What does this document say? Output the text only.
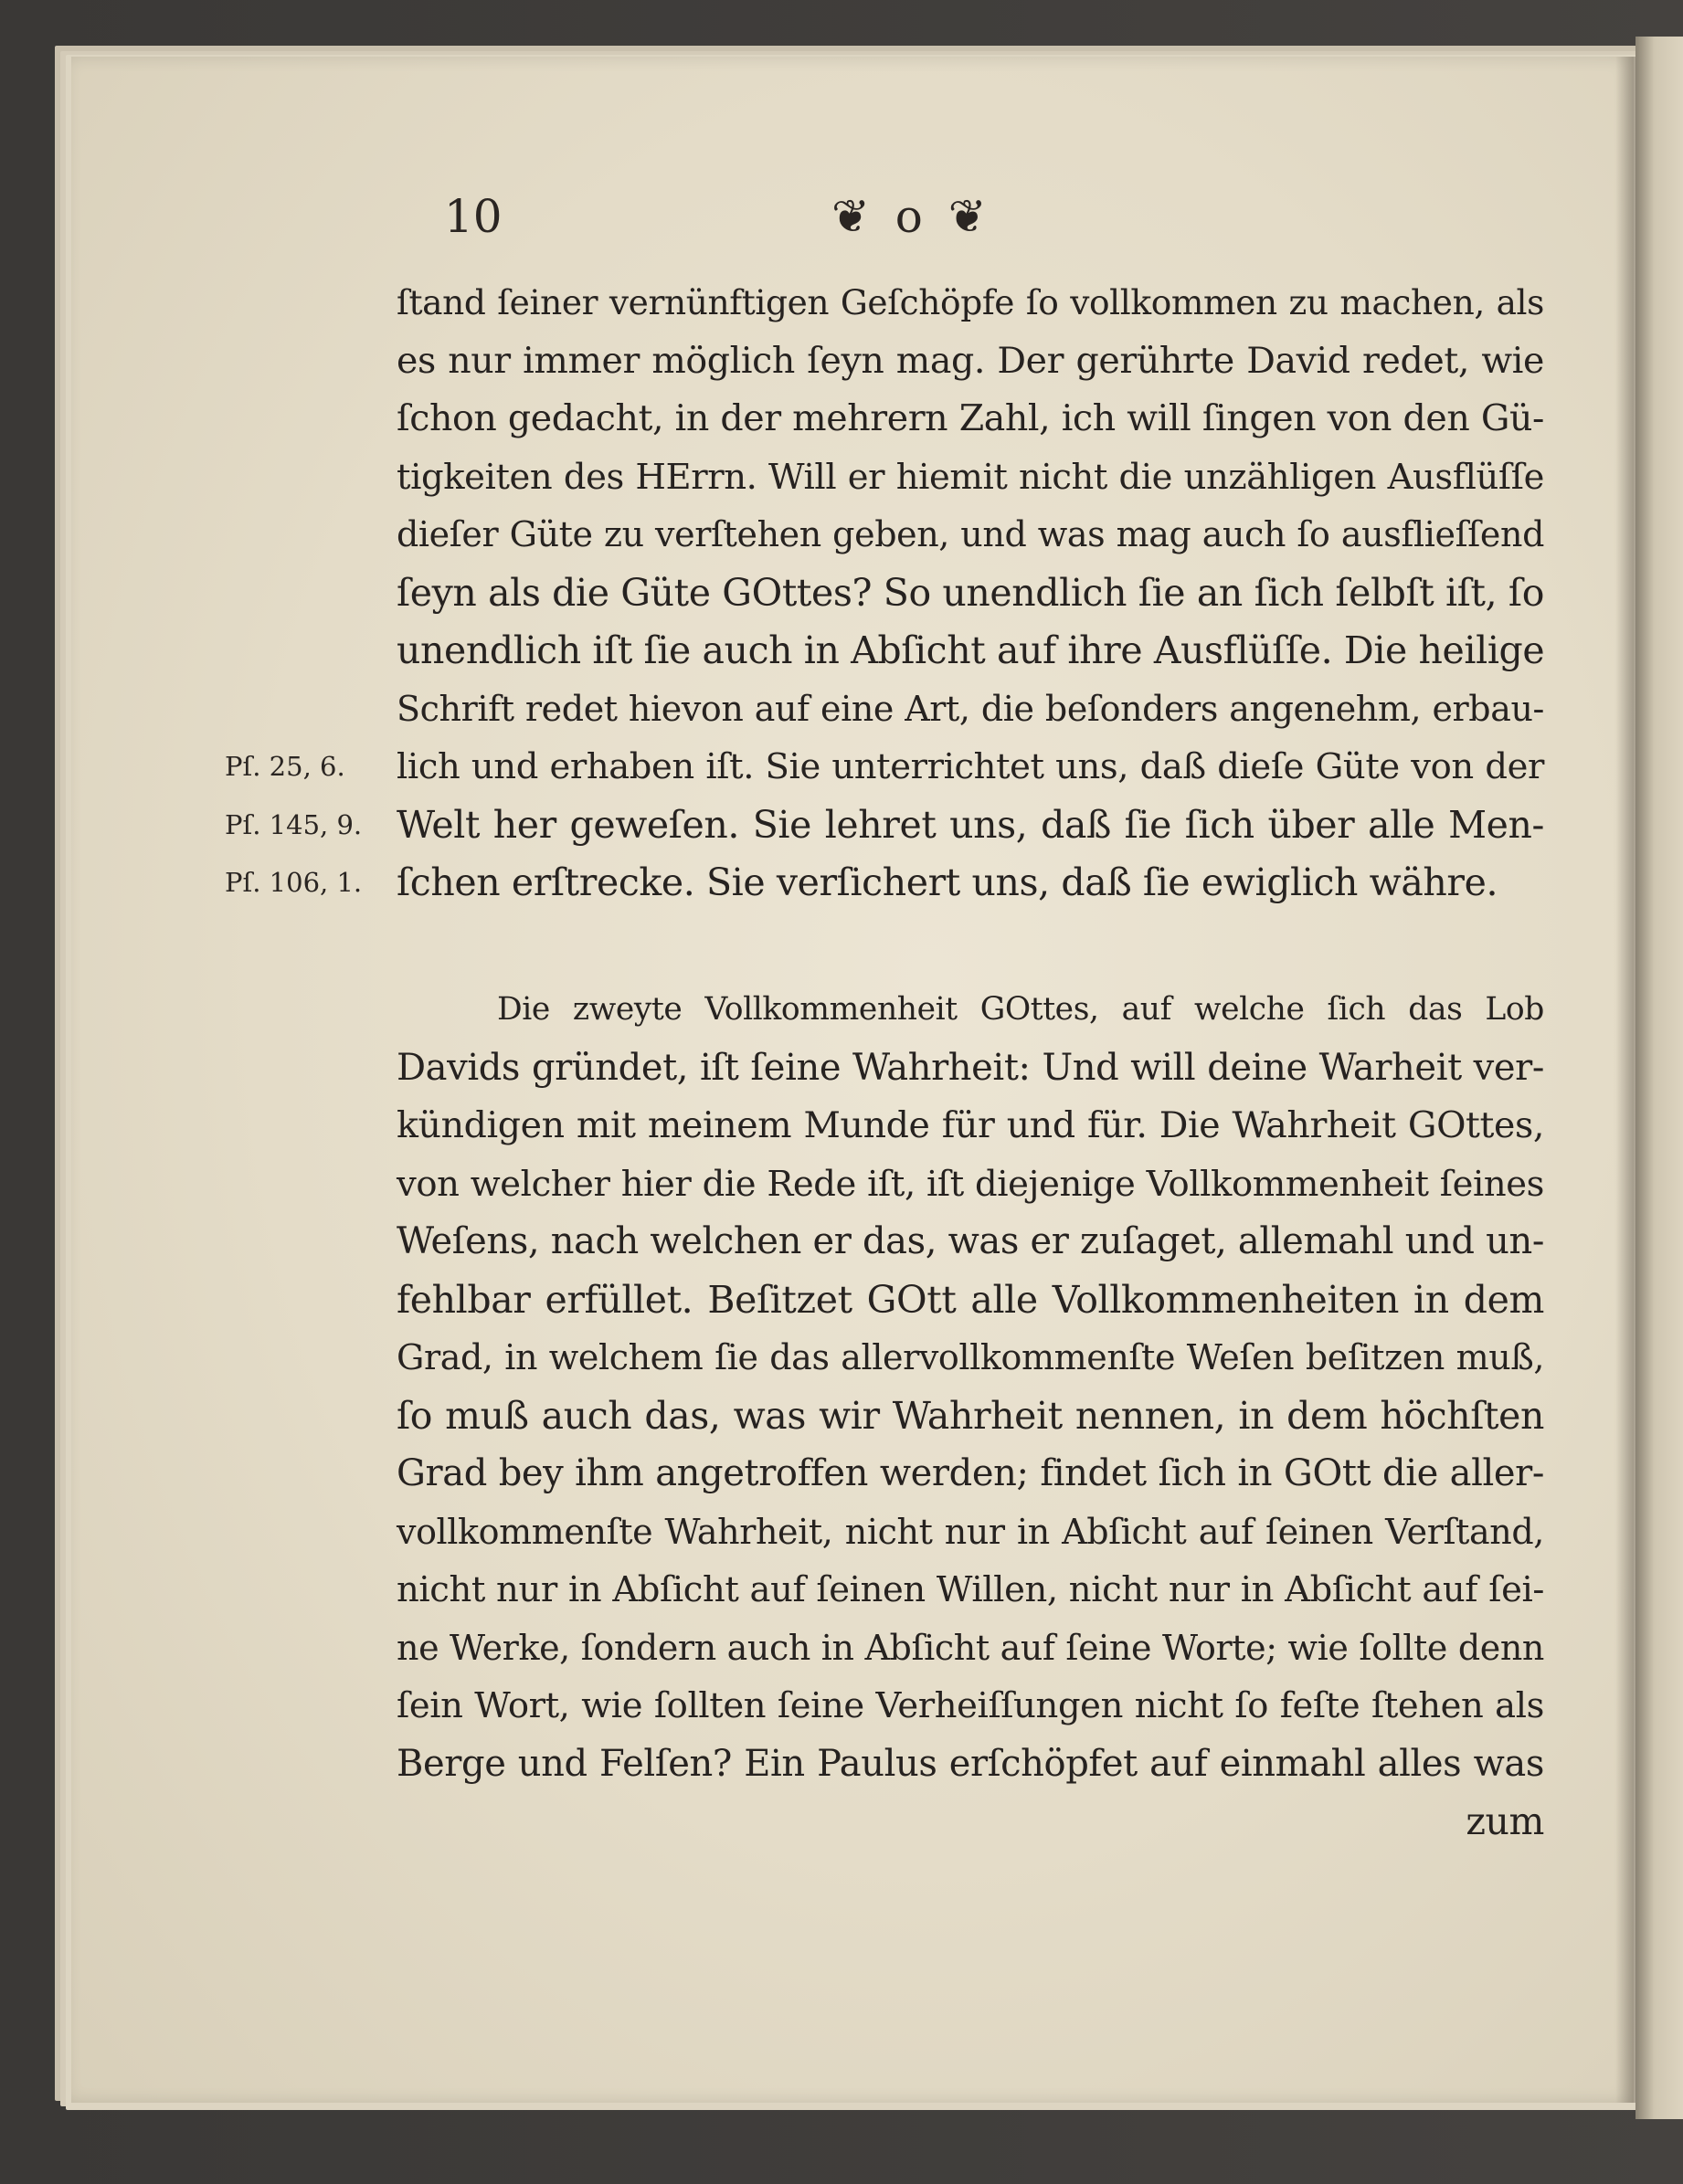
10	❦ o ❦
ſtand ſeiner vernünftigen Geſchöpfe ſo vollkommen zu machen, als
es nur immer möglich ſeyn mag. Der gerührte David redet, wie
ſchon gedacht, in der mehrern Zahl, ich will ſingen von den Gü-
tigkeiten des HErrn. Will er hiemit nicht die unzähligen Ausflüſſe
dieſer Güte zu verſtehen geben, und was mag auch ſo ausflieſſend
ſeyn als die Güte GOttes? So unendlich ſie an ſich ſelbſt iſt, ſo
unendlich iſt ſie auch in Abſicht auf ihre Ausflüſſe. Die heilige
Schrift redet hievon auf eine Art, die beſonders angenehm, erbau-
lich und erhaben iſt. Sie unterrichtet uns, daß dieſe Güte von der
Welt her geweſen. Sie lehret uns, daß ſie ſich über alle Men-
ſchen erſtrecke. Sie verſichert uns, daß ſie ewiglich währe.
Pſ. 25, 6.
Pſ. 145, 9.
Pſ. 106, 1.
Die zweyte Vollkommenheit GOttes, auf welche ſich das Lob
Davids gründet, iſt ſeine Wahrheit: Und will deine Warheit ver-
kündigen mit meinem Munde für und für. Die Wahrheit GOttes,
von welcher hier die Rede iſt, iſt diejenige Vollkommenheit ſeines
Weſens, nach welchen er das, was er zuſaget, allemahl und un-
fehlbar erfüllet. Beſitzet GOtt alle Vollkommenheiten in dem
Grad, in welchem ſie das allervollkommenſte Weſen beſitzen muß,
ſo muß auch das, was wir Wahrheit nennen, in dem höchſten
Grad bey ihm angetroffen werden; findet ſich in GOtt die aller-
vollkommenſte Wahrheit, nicht nur in Abſicht auf ſeinen Verſtand,
nicht nur in Abſicht auf ſeinen Willen, nicht nur in Abſicht auf ſei-
ne Werke, ſondern auch in Abſicht auf ſeine Worte; wie ſollte denn
ſein Wort, wie ſollten ſeine Verheiſſungen nicht ſo feſte ſtehen als
Berge und Felſen? Ein Paulus erſchöpfet auf einmahl alles was
zum
